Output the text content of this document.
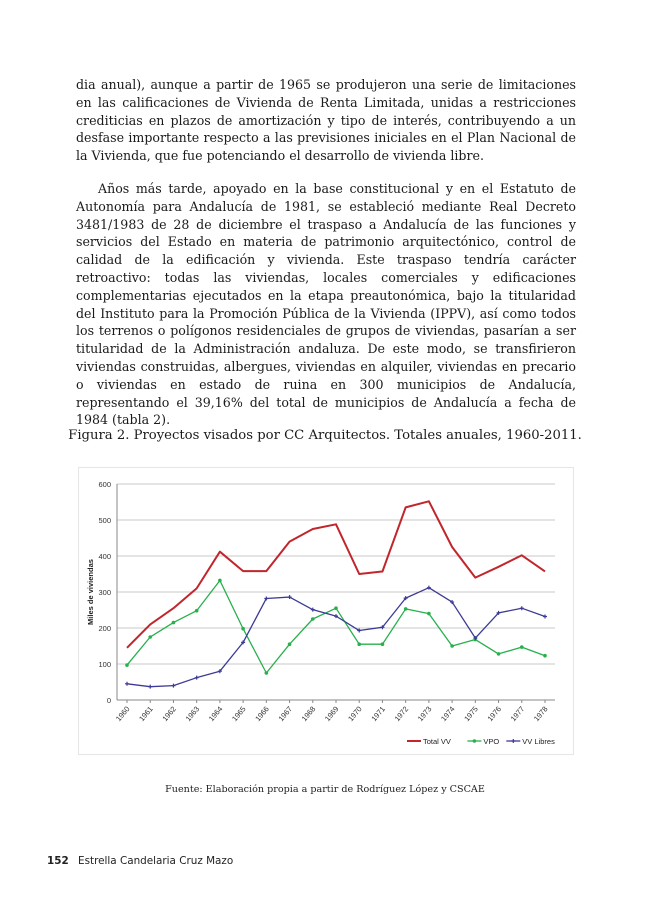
dia anual), aunque a partir de 1965 se produjeron una serie de limitaciones en las calificaciones de Vivienda de Renta Limitada, unidas a restricciones crediticias en plazos de amortización y tipo de interés, contribuyendo a un desfase importante respecto a las previsiones iniciales en el Plan Nacional de la Vivienda, que fue potenciando el desarrollo de vivienda libre.

Años más tarde, apoyado en la base constitucional y en el Estatuto de Autonomía para Andalucía de 1981, se estableció mediante Real Decreto 3481/1983 de 28 de diciembre el traspaso a Andalucía de las funciones y servicios del Estado en materia de patrimonio arquitectónico, control de calidad de la edificación y vivienda. Este traspaso tendría carácter retroactivo: todas las viviendas, locales comerciales y edificaciones complementarias ejecutados en la etapa preautonómica, bajo la titularidad del Instituto para la Promoción Pública de la Vivienda (IPPV), así como todos los terrenos o polígonos residenciales de grupos de viviendas, pasarían a ser titularidad de la Administración andaluza. De este modo, se transfirieron viviendas construidas, albergues, viviendas en alquiler, viviendas en precario o viviendas en estado de ruina en 300 municipios de Andalucía, representando el 39,16% del total de municipios de Andalucía a fecha de 1984 (tabla 2).

Figura 2. Proyectos visados por CC Arquitectos. Totales anuales, 1960-2011.
0
100
200
300
400
500
600
Miles de viviendas
1960 1961 1962 1963 1964 1965 1966 1967 1968 1969 1970 1971 1972 1973 1974 1975 1976 1977 1978
Total VV	VPO	VV Libres
Fuente: Elaboración propia a partir de Rodríguez López y CSCAE
152 Estrella Candelaria Cruz Mazo
